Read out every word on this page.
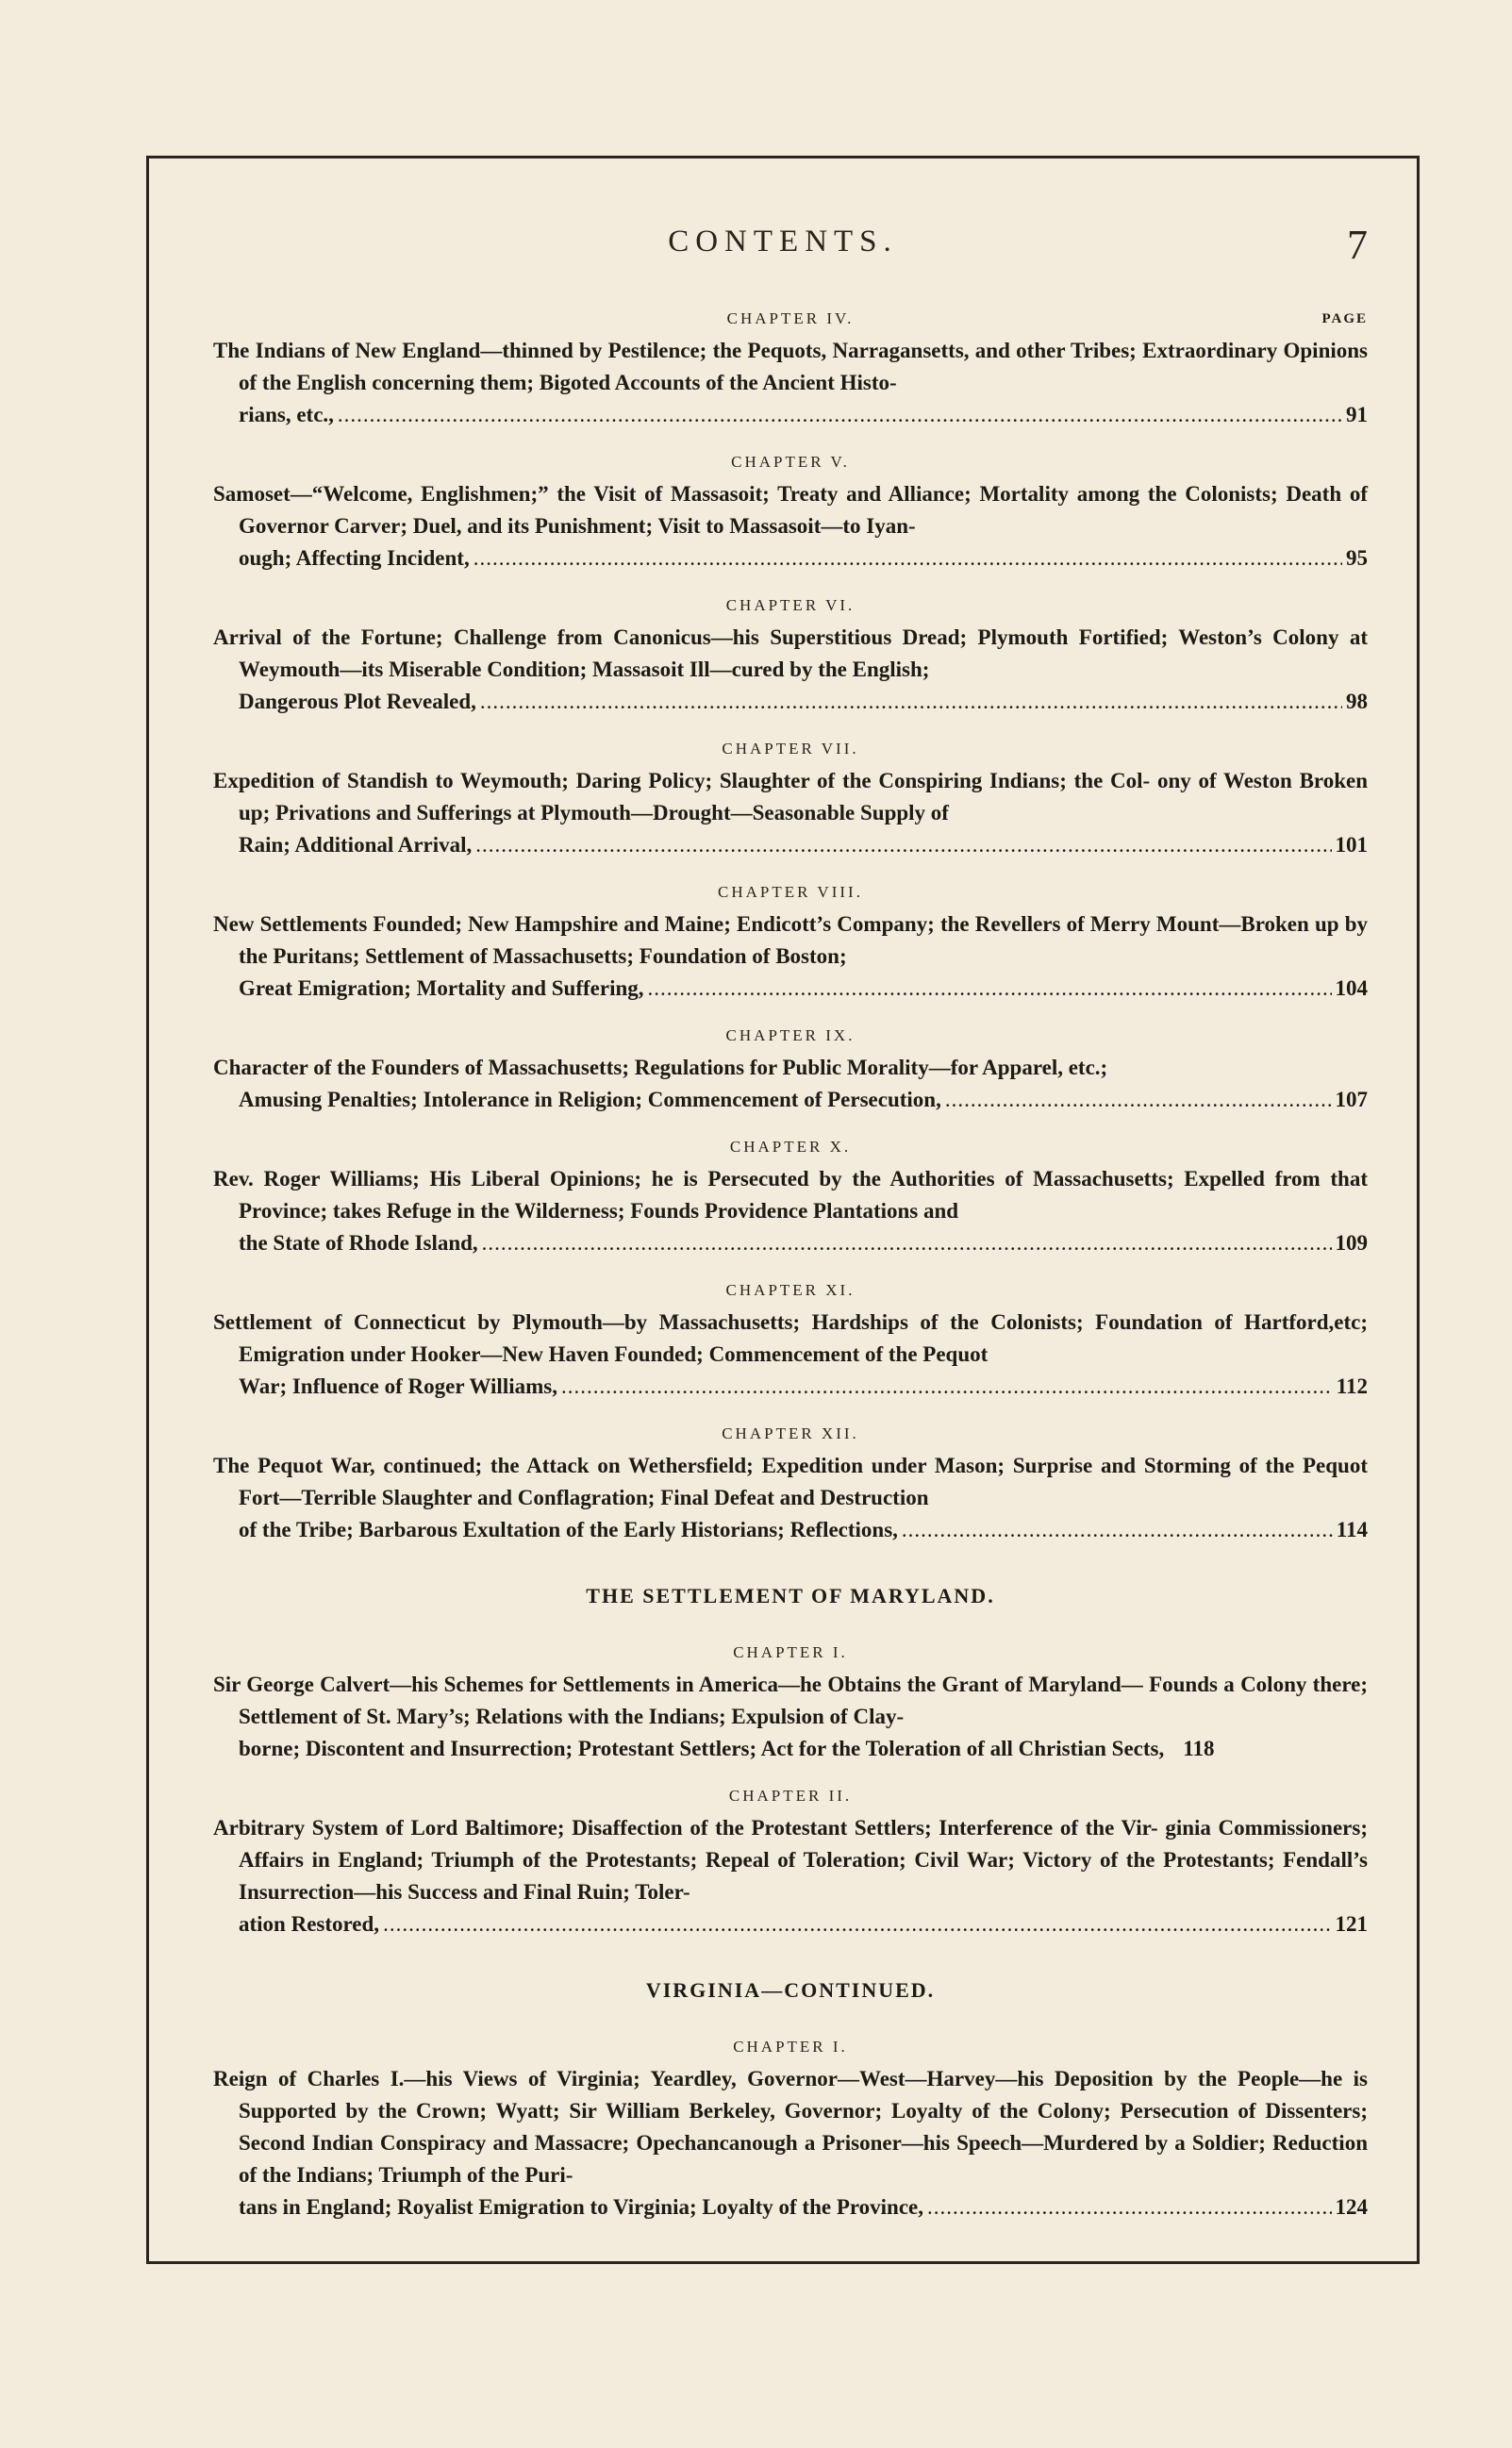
CONTENTS.	7
CHAPTER IV.	PAGE
The Indians of New England—thinned by Pestilence; the Pequots, Narragansetts, and other Tribes; Extraordinary Opinions of the English concerning them; Bigoted Accounts of the Ancient Histo-
rians, etc., .....	91
CHAPTER V.
Samoset—“Welcome, Englishmen;” the Visit of Massasoit; Treaty and Alliance; Mortality among the Colonists; Death of Governor Carver; Duel, and its Punishment; Visit to Massasoit—to Iyan-
ough; Affecting Incident, .....	95
CHAPTER VI.
Arrival of the Fortune; Challenge from Canonicus—his Superstitious Dread; Plymouth Fortified; Weston’s Colony at Weymouth—its Miserable Condition; Massasoit Ill—cured by the English;
Dangerous Plot Revealed, .....	98
CHAPTER VII.
Expedition of Standish to Weymouth; Daring Policy; Slaughter of the Conspiring Indians; the Col- ony of Weston Broken up; Privations and Sufferings at Plymouth—Drought—Seasonable Supply of
Rain; Additional Arrival, .....	101
CHAPTER VIII.
New Settlements Founded; New Hampshire and Maine; Endicott’s Company; the Revellers of Merry Mount—Broken up by the Puritans; Settlement of Massachusetts; Foundation of Boston;
Great Emigration; Mortality and Suffering, .....	104
CHAPTER IX.
Character of the Founders of Massachusetts; Regulations for Public Morality—for Apparel, etc.;
Amusing Penalties; Intolerance in Religion; Commencement of Persecution, .....	107
CHAPTER X.
Rev. Roger Williams; His Liberal Opinions; he is Persecuted by the Authorities of Massachusetts; Expelled from that Province; takes Refuge in the Wilderness; Founds Providence Plantations and
the State of Rhode Island, .....	109
CHAPTER XI.
Settlement of Connecticut by Plymouth—by Massachusetts; Hardships of the Colonists; Foundation of Hartford,etc; Emigration under Hooker—New Haven Founded; Commencement of the Pequot
War; Influence of Roger Williams, .....	112
CHAPTER XII.
The Pequot War, continued; the Attack on Wethersfield; Expedition under Mason; Surprise and Storming of the Pequot Fort—Terrible Slaughter and Conflagration; Final Defeat and Destruction
of the Tribe; Barbarous Exultation of the Early Historians; Reflections, .....	114
THE SETTLEMENT OF MARYLAND.
CHAPTER I.
Sir George Calvert—his Schemes for Settlements in America—he Obtains the Grant of Maryland— Founds a Colony there; Settlement of St. Mary’s; Relations with the Indians; Expulsion of Clay-
borne; Discontent and Insurrection; Protestant Settlers; Act for the Toleration of all Christian Sects, 118
CHAPTER II.
Arbitrary System of Lord Baltimore; Disaffection of the Protestant Settlers; Interference of the Vir- ginia Commissioners; Affairs in England; Triumph of the Protestants; Repeal of Toleration; Civil War; Victory of the Protestants; Fendall’s Insurrection—his Success and Final Ruin; Toler-
ation Restored, .....	121
VIRGINIA—CONTINUED.
CHAPTER I.
Reign of Charles I.—his Views of Virginia; Yeardley, Governor—West—Harvey—his Deposition by the People—he is Supported by the Crown; Wyatt; Sir William Berkeley, Governor; Loyalty of the Colony; Persecution of Dissenters; Second Indian Conspiracy and Massacre; Opechancanough a Prisoner—his Speech—Murdered by a Soldier; Reduction of the Indians; Triumph of the Puri-
tans in England; Royalist Emigration to Virginia; Loyalty of the Province, .....	124
